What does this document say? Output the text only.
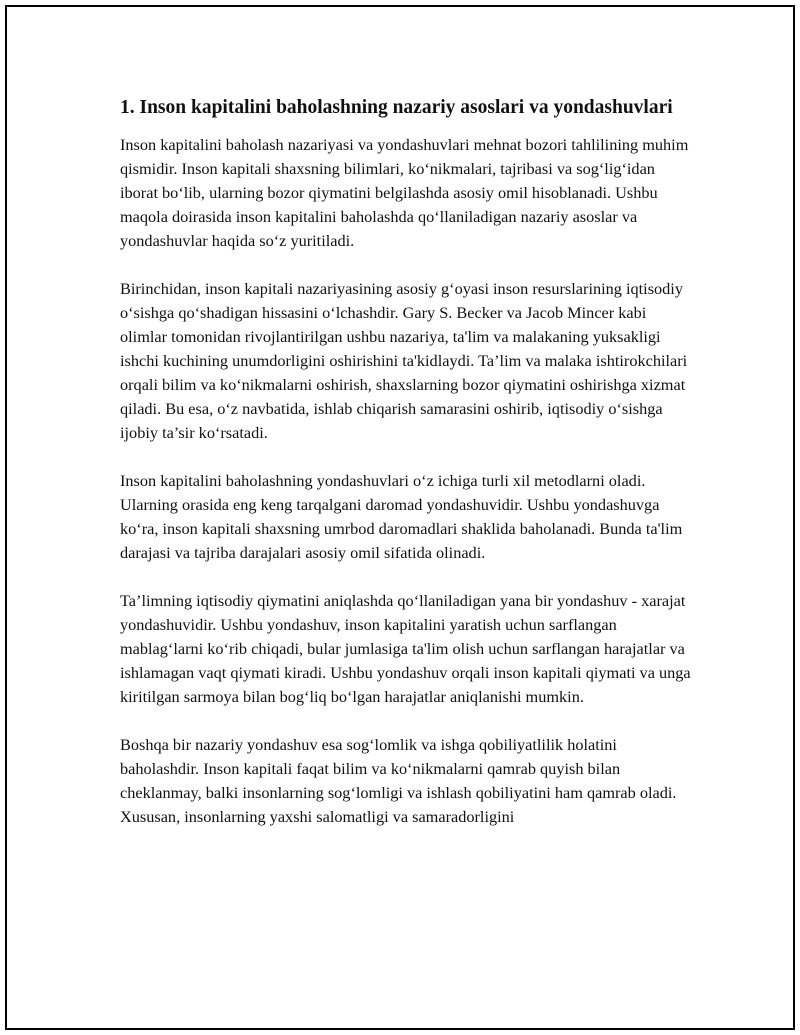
1. Inson kapitalini baholashning nazariy asoslari va yondashuvlari

Inson kapitalini baholash nazariyasi va yondashuvlari mehnat bozori tahlilining muhim qismidir. Inson kapitali shaxsning bilimlari, ko‘nikmalari, tajribasi va sog‘lig‘idan iborat bo‘lib, ularning bozor qiymatini belgilashda asosiy omil hisoblanadi. Ushbu maqola doirasida inson kapitalini baholashda qo‘llaniladigan nazariy asoslar va yondashuvlar haqida so‘z yuritiladi.

Birinchidan, inson kapitali nazariyasining asosiy g‘oyasi inson resurslarining iqtisodiy o‘sishga qo‘shadigan hissasini o‘lchashdir. Gary S. Becker va Jacob Mincer kabi olimlar tomonidan rivojlantirilgan ushbu nazariya, ta'lim va malakaning yuksakligi ishchi kuchining unumdorligini oshirishini ta'kidlaydi. Ta’lim va malaka ishtirokchilari orqali bilim va ko‘nikmalarni oshirish, shaxslarning bozor qiymatini oshirishga xizmat qiladi. Bu esa, o‘z navbatida, ishlab chiqarish samarasini oshirib, iqtisodiy o‘sishga ijobiy ta’sir ko‘rsatadi.

Inson kapitalini baholashning yondashuvlari o‘z ichiga turli xil metodlarni oladi. Ularning orasida eng keng tarqalgani daromad yondashuvidir. Ushbu yondashuvga ko‘ra, inson kapitali shaxsning umrbod daromadlari shaklida baholanadi. Bunda ta'lim darajasi va tajriba darajalari asosiy omil sifatida olinadi.

Ta’limning iqtisodiy qiymatini aniqlashda qo‘llaniladigan yana bir yondashuv - xarajat yondashuvidir. Ushbu yondashuv, inson kapitalini yaratish uchun sarflangan mablag‘larni ko‘rib chiqadi, bular jumlasiga ta'lim olish uchun sarflangan harajatlar va ishlamagan vaqt qiymati kiradi. Ushbu yondashuv orqali inson kapitali qiymati va unga kiritilgan sarmoya bilan bog‘liq bo‘lgan harajatlar aniqlanishi mumkin.

Boshqa bir nazariy yondashuv esa sog‘lomlik va ishga qobiliyatlilik holatini baholashdir. Inson kapitali faqat bilim va ko‘nikmalarni qamrab quyish bilan cheklanmay, balki insonlarning sog‘lomligi va ishlash qobiliyatini ham qamrab oladi. Xususan, insonlarning yaxshi salomatligi va samaradorligini
